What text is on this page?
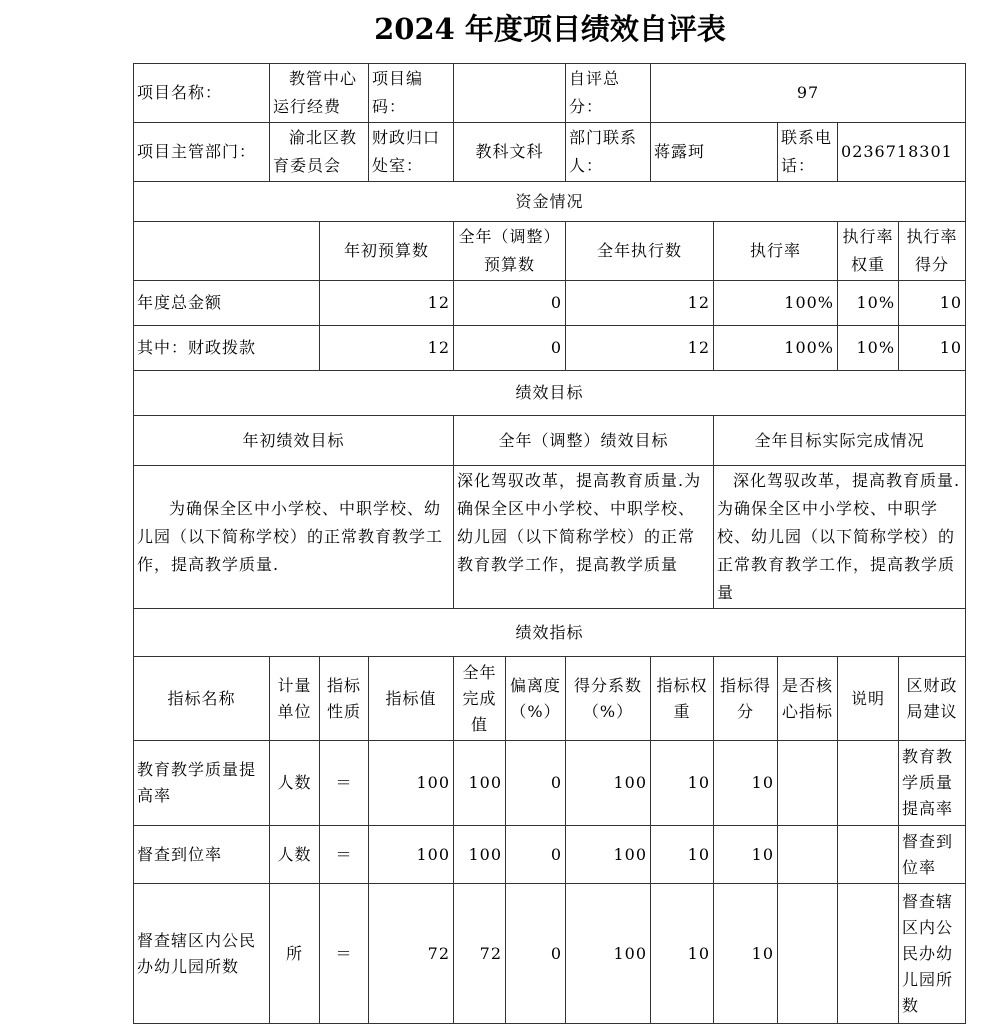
2024 年度项目绩效自评表
项目名称：	教管中心运行经费		项目编码：			自评总分：	97				
项目主管部门：	渝北区教育委员会		财政归口处室：	教科文科		部门联系人：	蒋露珂		联系电话：	0236718301	
资金情况											
		年初预算数		全年（调整）预算数		全年执行数		执行率		执行率权重	执行率得分
年度总金额		12		0		12		100%		10%	10
其中：财政拨款		12		0		12		100%		10%	10
绩效目标											
年初绩效目标				全年（调整）绩效目标				全年目标实际完成情况			
为确保全区中小学校、中职学校、幼儿园（以下简称学校）的正常教育教学工作，提高教学质量.				深化驾驭改革，提高教育质量.为确保全区中小学校、中职学校、幼儿园（以下简称学校）的正常教育教学工作，提高教学质量				深化驾驭改革，提高教育质量.为确保全区中小学校、中职学校、幼儿园（以下简称学校）的正常教育教学工作，提高教学质量			
绩效指标											
指标名称	计量单位	指标性质	指标值	全年完成值	偏离度（%）	得分系数（%）	指标权重	指标得分	是否核心指标	说明	区财政局建议
教育教学质量提高率	人数	＝	100	100	0	100	10	10			教育教学质量提高率
督查到位率	人数	＝	100	100	0	100	10	10			督查到位率
督查辖区内公民办幼儿园所数	所	＝	72	72	0	100	10	10			督查辖区内公民办幼儿园所数
